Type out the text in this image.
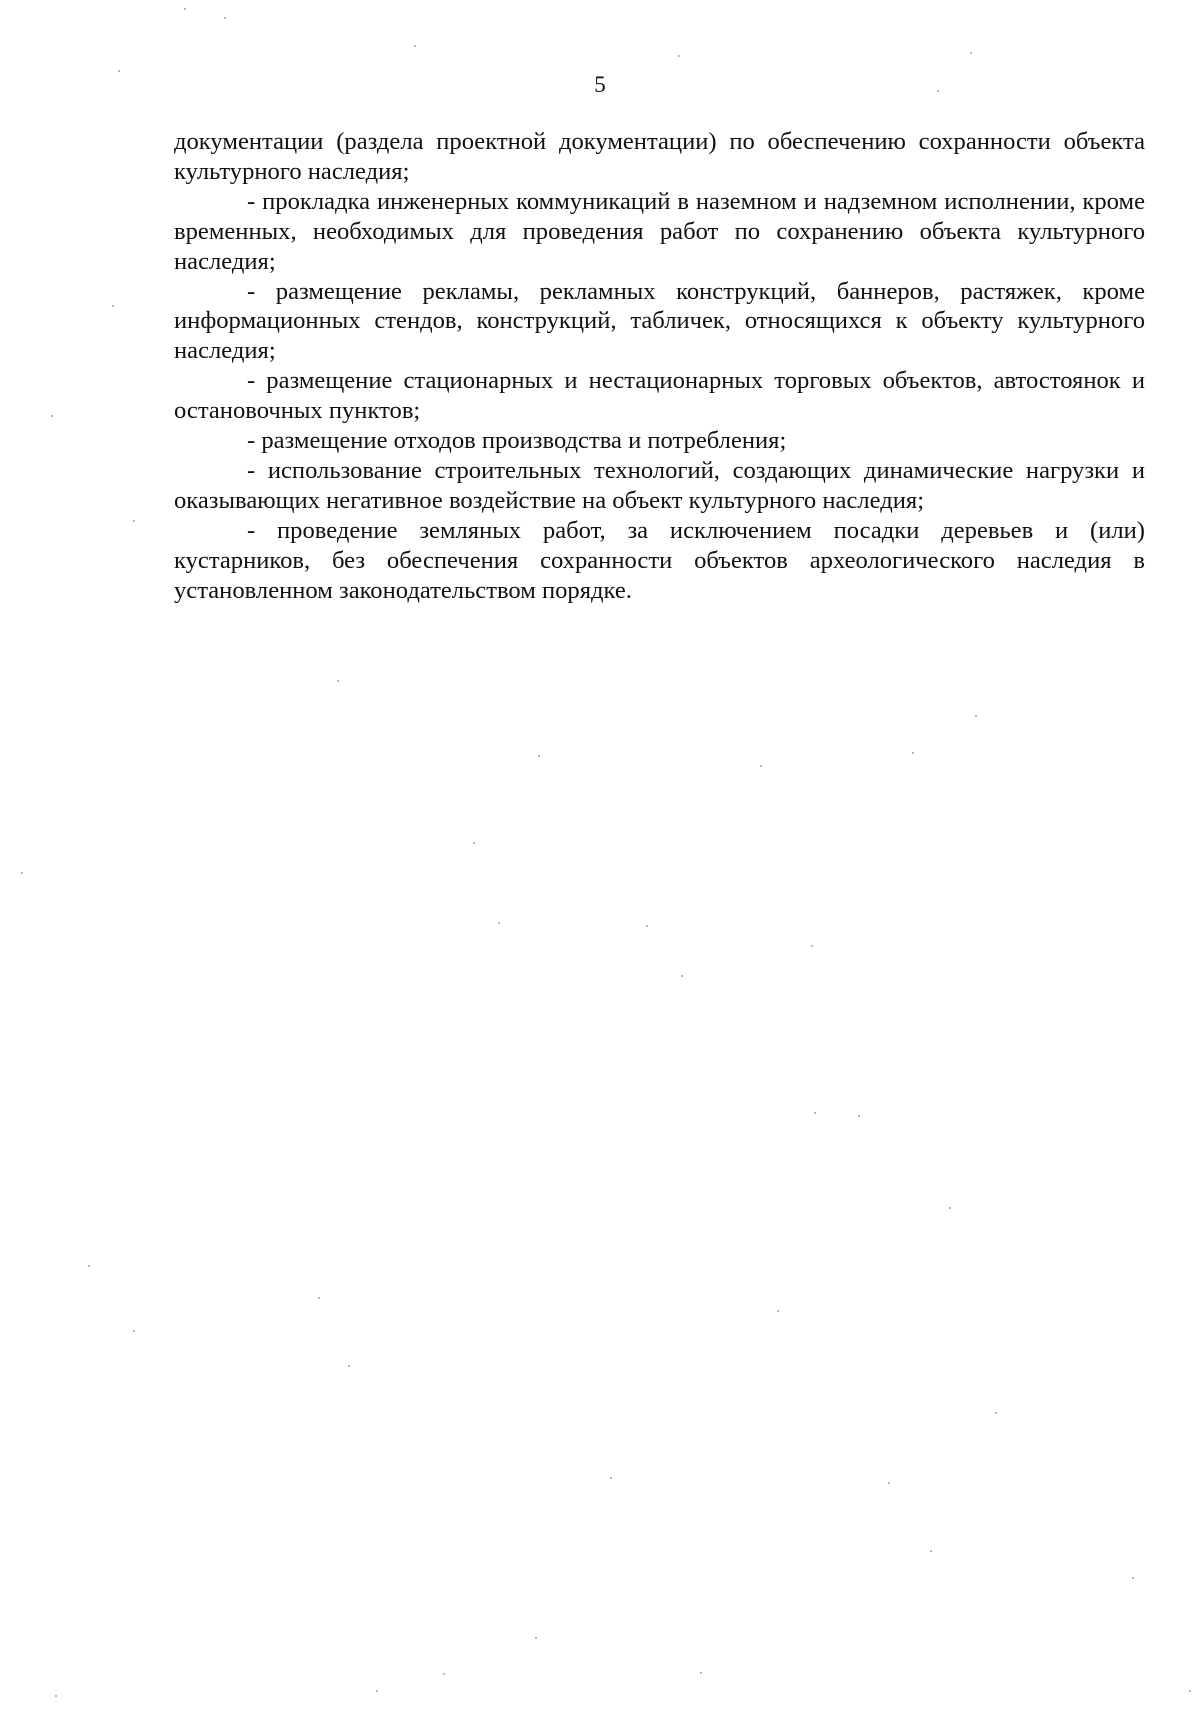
5

документации (раздела проектной документации) по обеспечению сохранности объекта культурного наследия;

- прокладка инженерных коммуникаций в наземном и надземном исполнении, кроме временных, необходимых для проведения работ по сохранению объекта культурного наследия;

- размещение рекламы, рекламных конструкций, баннеров, растяжек, кроме информационных стендов, конструкций, табличек, относящихся к объекту культурного наследия;

- размещение стационарных и нестационарных торговых объектов, автостоянок и остановочных пунктов;

- размещение отходов производства и потребления;

- использование строительных технологий, создающих динамические нагрузки и оказывающих негативное воздействие на объект культурного наследия;

- проведение земляных работ, за исключением посадки деревьев и (или) кустарников, без обеспечения сохранности объектов археологического наследия в установленном законодательством порядке.
